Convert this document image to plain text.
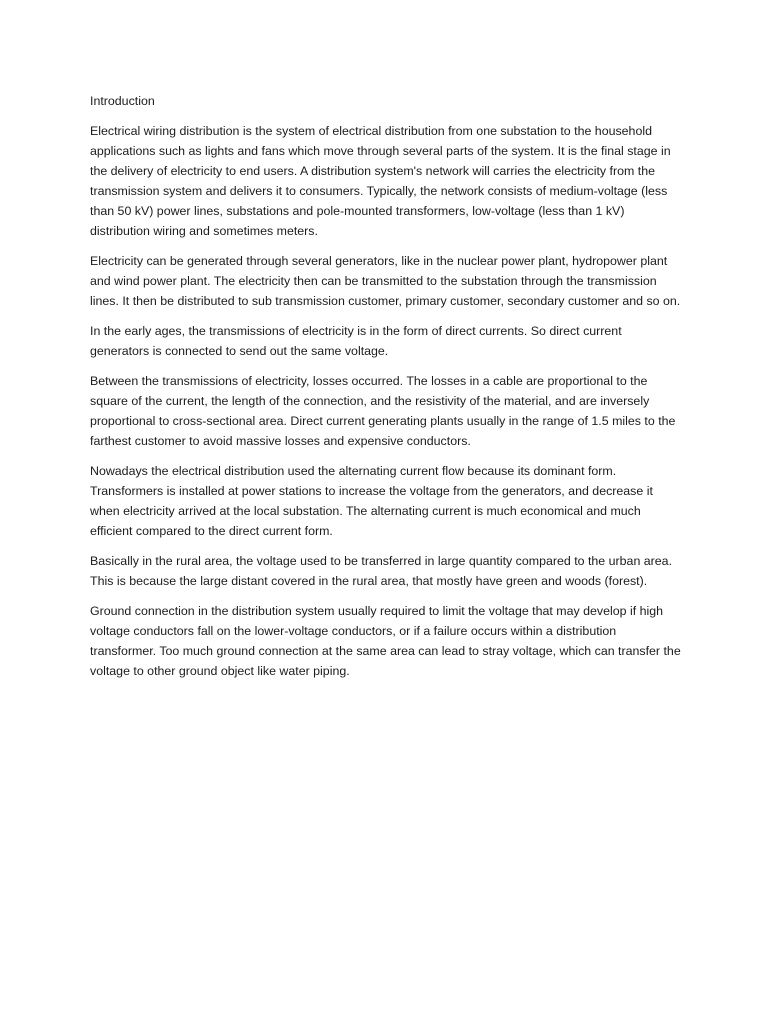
Introduction

Electrical wiring distribution is the system of electrical distribution from one substation to the household applications such as lights and fans which move through several parts of the system. It is the final stage in the delivery of electricity to end users. A distribution system's network will carries the electricity from the transmission system and delivers it to consumers. Typically, the network consists of medium-voltage (less than 50 kV) power lines, substations and pole-mounted transformers, low-voltage (less than 1 kV) distribution wiring and sometimes meters.

Electricity can be generated through several generators, like in the nuclear power plant, hydropower plant and wind power plant. The electricity then can be transmitted to the substation through the transmission lines. It then be distributed to sub transmission customer, primary customer, secondary customer and so on.

In the early ages, the transmissions of electricity is in the form of direct currents. So direct current generators is connected to send out the same voltage.

Between the transmissions of electricity, losses occurred. The losses in a cable are proportional to the square of the current, the length of the connection, and the resistivity of the material, and are inversely proportional to cross-sectional area. Direct current generating plants usually in the range of 1.5 miles to the farthest customer to avoid massive losses and expensive conductors.

Nowadays the electrical distribution used the alternating current flow because its dominant form. Transformers is installed at power stations to increase the voltage from the generators, and decrease it when electricity arrived at the local substation. The alternating current is much economical and much efficient compared to the direct current form.

Basically in the rural area, the voltage used to be transferred in large quantity compared to the urban area. This is because the large distant covered in the rural area, that mostly have green and woods (forest).

Ground connection in the distribution system usually required to limit the voltage that may develop if high voltage conductors fall on the lower-voltage conductors, or if a failure occurs within a distribution transformer. Too much ground connection at the same area can lead to stray voltage, which can transfer the voltage to other ground object like water piping.
